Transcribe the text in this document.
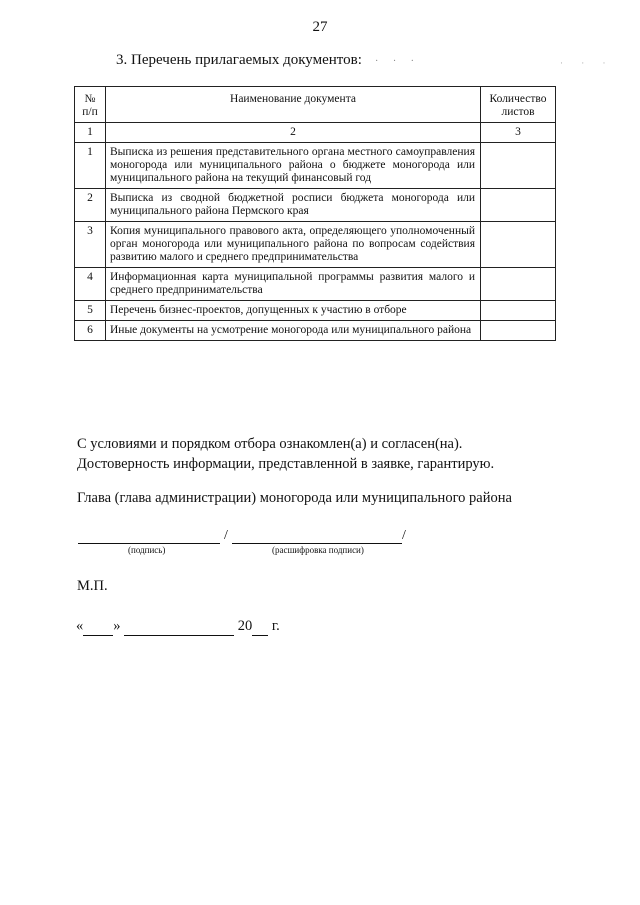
27
3. Перечень прилагаемых документов: · · ·	· · ·
№ п/п	Наименование документа	Количество листов
1	2	3
1	Выписка из решения представительного органа местного самоуправления моногорода или муниципального района о бюджете моногорода или муниципального района на текущий финансовый год	
2	Выписка из сводной бюджетной росписи бюджета моногорода или муниципального района Пермского края	
3	Копия муниципального правового акта, определяющего уполномоченный орган моногорода или муниципального района по вопросам содействия развитию малого и среднего предпринимательства	
4	Информационная карта муниципальной программы развития малого и среднего предпринимательства	
5	Перечень бизнес-проектов, допущенных к участию в отборе	
6	Иные документы на усмотрение моногорода или муниципального района	
С условиями и порядком отбора ознакомлен(а) и согласен(на).
Достоверность информации, представленной в заявке, гарантирую.
Глава (глава администрации) моногорода или муниципального района
/	/
(подпись)	(расшифровка подписи)
М.П.
« »	20 г.
